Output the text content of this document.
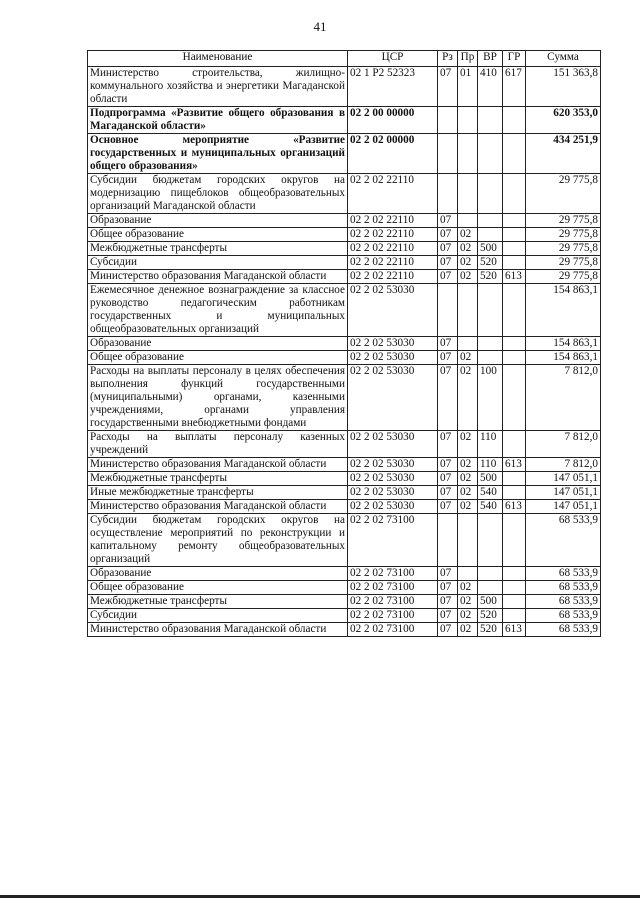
41
Наименование	ЦСР	Рз	Пр	ВР	ГР	Сумма
Министерство строительства, жилищно-коммунального хозяйства и энергетики Магаданской области	02 1 Р2 52323	07	01	410	617	151 363,8
Подпрограмма «Развитие общего образования в Магаданской области»	02 2 00 00000					620 353,0
Основное мероприятие «Развитие государственных и муниципальных организаций общего образования»	02 2 02 00000					434 251,9
Субсидии бюджетам городских округов на модернизацию пищеблоков общеобразовательных организаций Магаданской области	02 2 02 22110					29 775,8
Образование	02 2 02 22110	07				29 775,8
Общее образование	02 2 02 22110	07	02			29 775,8
Межбюджетные трансферты	02 2 02 22110	07	02	500		29 775,8
Субсидии	02 2 02 22110	07	02	520		29 775,8
Министерство образования Магаданской области	02 2 02 22110	07	02	520	613	29 775,8
Ежемесячное денежное вознаграждение за классное руководство педагогическим работникам государственных и муниципальных общеобразовательных организаций	02 2 02 53030					154 863,1
Образование	02 2 02 53030	07				154 863,1
Общее образование	02 2 02 53030	07	02			154 863,1
Расходы на выплаты персоналу в целях обеспечения выполнения функций государственными (муниципальными) органами, казенными учреждениями, органами управления государственными внебюджетными фондами	02 2 02 53030	07	02	100		7 812,0
Расходы на выплаты персоналу казенных учреждений	02 2 02 53030	07	02	110		7 812,0
Министерство образования Магаданской области	02 2 02 53030	07	02	110	613	7 812,0
Межбюджетные трансферты	02 2 02 53030	07	02	500		147 051,1
Иные межбюджетные трансферты	02 2 02 53030	07	02	540		147 051,1
Министерство образования Магаданской области	02 2 02 53030	07	02	540	613	147 051,1
Субсидии бюджетам городских округов на осуществление мероприятий по реконструкции и капитальному ремонту общеобразовательных организаций	02 2 02 73100					68 533,9
Образование	02 2 02 73100	07				68 533,9
Общее образование	02 2 02 73100	07	02			68 533,9
Межбюджетные трансферты	02 2 02 73100	07	02	500		68 533,9
Субсидии	02 2 02 73100	07	02	520		68 533,9
Министерство образования Магаданской области	02 2 02 73100	07	02	520	613	68 533,9
